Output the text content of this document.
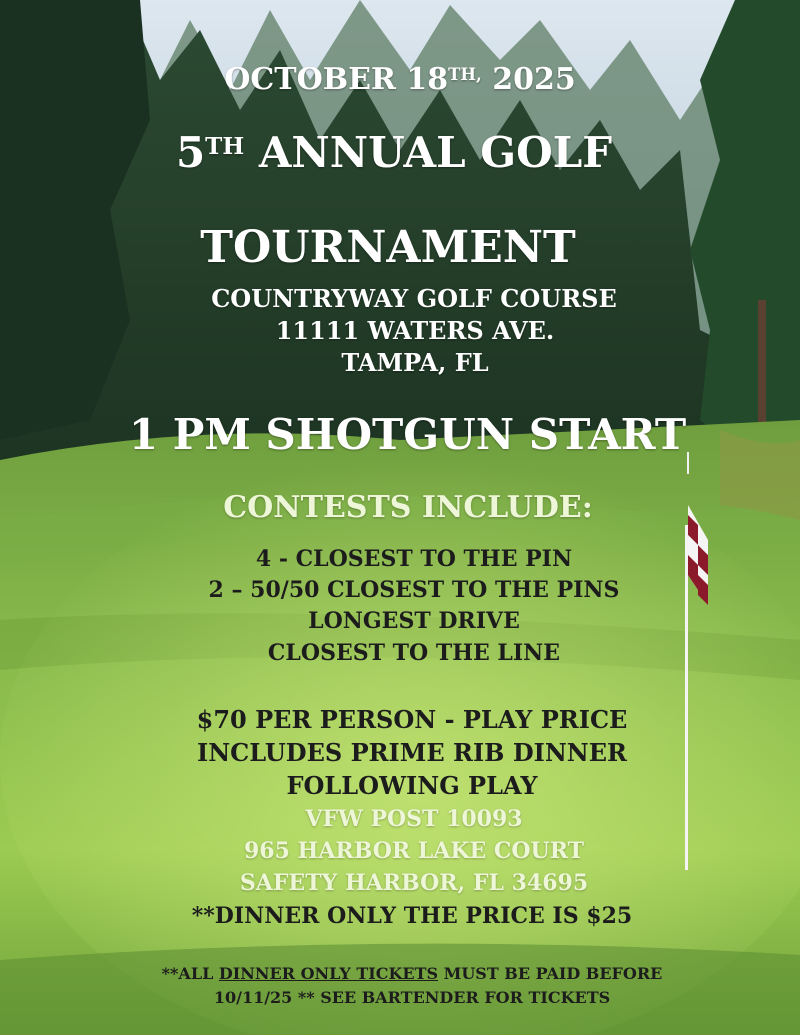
OCTOBER $18^{TH,}$ 2025
5TH ANNUAL GOLF
TOURNAMENT
COUNTRYWAY GOLF COURSE
11111 WATERS AVE.
TAMPA, FL
1 PM SHOTGUN START
CONTESTS INCLUDE:
4 - CLOSEST TO THE PIN
2 – 50/50 CLOSEST TO THE PINS
LONGEST DRIVE
CLOSEST TO THE LINE
$70 PER PERSON - PLAY PRICE
INCLUDES PRIME RIB DINNER
FOLLOWING PLAY
VFW POST 10093
965 HARBOR LAKE COURT
SAFETY HARBOR, FL 34695
**DINNER ONLY THE PRICE IS $25
**ALL DINNER ONLY TICKETS MUST BE PAID BEFORE
10/11/25 ** SEE BARTENDER FOR TICKETS
